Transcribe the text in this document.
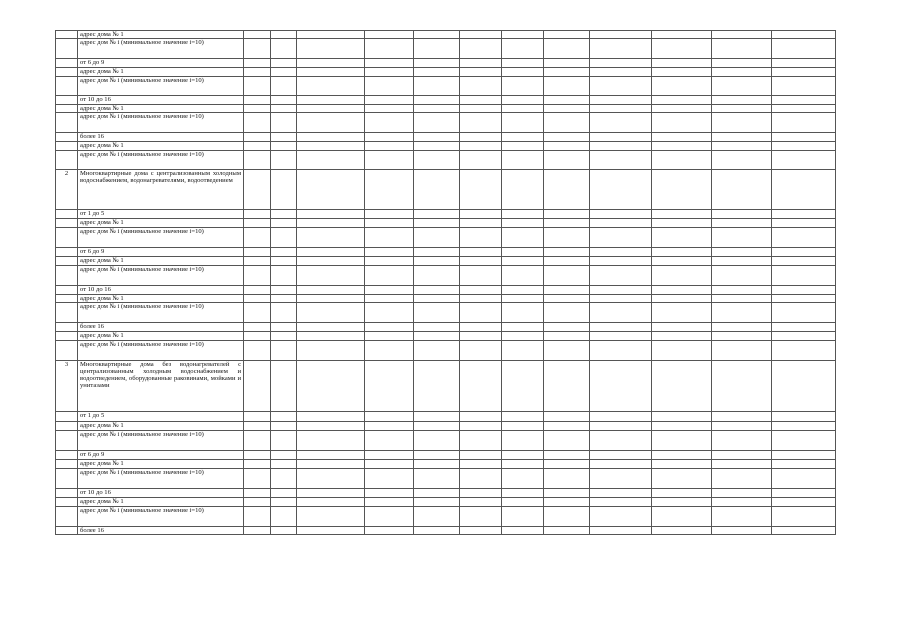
	адрес дома № 1												
	адрес дом № i (минимальное значение i=10)												
	от 6 до 9												
	адрес дома № 1												
	адрес дом № i (минимальное значение i=10)												
	от 10 до 16												
	адрес дома № 1												
	адрес дом № i (минимальное значение i=10)												
	более 16												
	адрес дома № 1												
	адрес дом № i (минимальное значение i=10)												
2	Многоквартирные дома с централизованным холодным водоснабжением, водонагревателями, водоотведением												
	от 1 до 5												
	адрес дома № 1												
	адрес дом № i (минимальное значение i=10)												
	от 6 до 9												
	адрес дома № 1												
	адрес дом № i (минимальное значение i=10)												
	от 10 до 16												
	адрес дома № 1												
	адрес дом № i (минимальное значение i=10)												
	более 16												
	адрес дома № 1												
	адрес дом № i (минимальное значение i=10)												
3	Многоквартирные дома без водонагревателей с централизованным холодным водоснабжением и водоотведением, оборудованные раковинами, мойками и унитазами												
	от 1 до 5												
	адрес дома № 1												
	адрес дом № i (минимальное значение i=10)												
	от 6 до 9												
	адрес дома № 1												
	адрес дом № i (минимальное значение i=10)												
	от 10 до 16												
	адрес дома № 1												
	адрес дом № i (минимальное значение i=10)												
	более 16												
